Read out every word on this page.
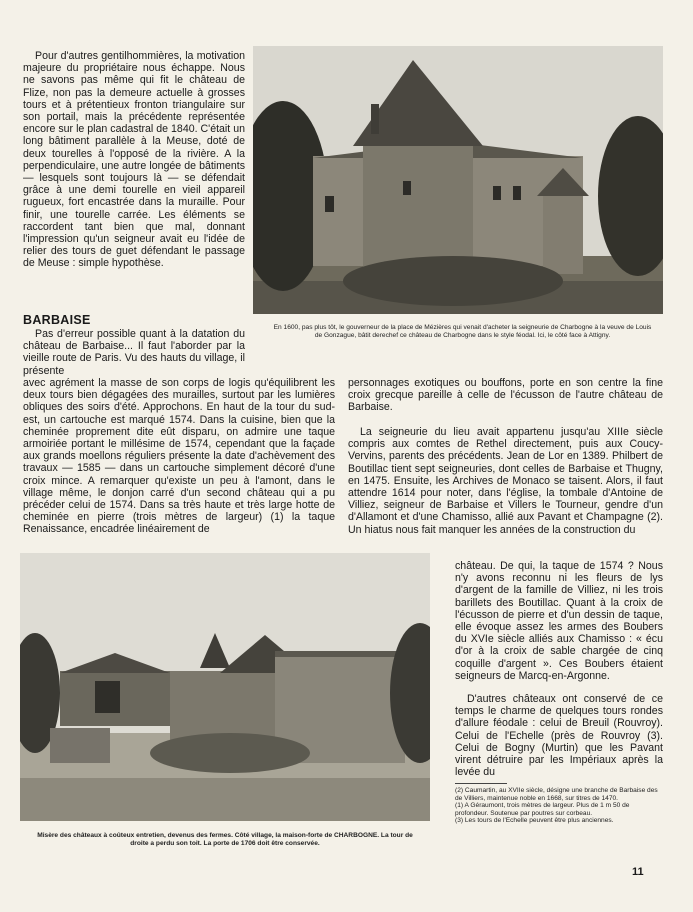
Pour d'autres gentilhommières, la motivation majeure du propriétaire nous échappe. Nous ne savons pas même qui fit le château de Flize, non pas la demeure actuelle à grosses tours et à prétentieux fronton triangulaire sur son portail, mais la précédente représentée encore sur le plan cadastral de 1840. C'était un long bâtiment parallèle à la Meuse, doté de deux tourelles à l'opposé de la rivière. A la perpendiculaire, une autre longée de bâtiments — lesquels sont toujours là — se défendait grâce à une demi tourelle en vieil appareil rugueux, fort encastrée dans la muraille. Pour finir, une tourelle carrée. Les éléments se raccordent tant bien que mal, donnant l'impression qu'un seigneur avait eu l'idée de relier des tours de guet défendant le passage de Meuse : simple hypothèse.
En 1600, pas plus tôt, le gouverneur de la place de Mézières qui venait d'acheter la seigneurie de Charbogne à la veuve de Louis de Gonzague, bâtit derechef ce château de Charbogne dans le style féodal. Ici, le côté face à Attigny.
BARBAISE
Pas d'erreur possible quant à la datation du château de Barbaise... Il faut l'aborder par la vieille route de Paris. Vu des hauts du village, il présente
avec agrément la masse de son corps de logis qu'équilibrent les deux tours bien dégagées des murailles, surtout par les lumières obliques des soirs d'été. Approchons. En haut de la tour du sud-est, un cartouche est marqué 1574. Dans la cuisine, bien que la cheminée proprement dite eût disparu, on admire une taque armoiriée portant le millésime de 1574, cependant que la façade aux grands moellons réguliers présente la date d'achèvement des travaux — 1585 — dans un cartouche simplement décoré d'une croix mince. A remarquer qu'existe un peu à l'amont, dans le village même, le donjon carré d'un second château qui a pu précéder celui de 1574. Dans sa très haute et très large hotte de cheminée en pierre (trois mètres de largeur) (1) la taque Renaissance, encadrée linéairement de
personnages exotiques ou bouffons, porte en son centre la fine croix grecque pareille à celle de l'écusson de l'autre château de Barbaise.
La seigneurie du lieu avait appartenu jusqu'au XIIIe siècle compris aux comtes de Rethel directement, puis aux Coucy-Vervins, parents des précédents. Jean de Lor en 1389. Philbert de Boutillac tient sept seigneuries, dont celles de Barbaise et Thugny, en 1475. Ensuite, les Archives de Monaco se taisent. Alors, il faut attendre 1614 pour noter, dans l'église, la tombale d'Antoine de Villiez, seigneur de Barbaise et Villers le Tourneur, gendre d'un d'Allamont et d'une Chamisso, allié aux Pavant et Champagne (2). Un hiatus nous fait manquer les années de la construction du
château. De qui, la taque de 1574 ? Nous n'y avons reconnu ni les fleurs de lys d'argent de la famille de Villiez, ni les trois barillets des Boutillac. Quant à la croix de l'écusson de pierre et d'un dessin de taque, elle évoque assez les armes des Boubers du XVIe siècle alliés aux Chamisso : « écu d'or à la croix de sable chargée de cinq coquille d'argent ». Ces Boubers étaient seigneurs de Marcq-en-Argonne.
D'autres châteaux ont conservé de ce temps le charme de quelques tours rondes d'allure féodale : celui de Breuil (Rouvroy). Celui de l'Echelle (près de Rouvroy (3). Celui de Bogny (Murtin) que les Pavant virent détruire par les Impériaux après la levée du
Misère des châteaux à coûteux entretien, devenus des fermes. Côté village, la maison-forte de CHARBOGNE. La tour de droite a perdu son toit. La porte de 1706 doit être conservée.

(2) Caumartin, au XVIIe siècle, désigne une branche de Barbaise des de Villiers, maintenue noble en 1668, sur titres de 1470.

(1) A Géraumont, trois mètres de largeur. Plus de 1 m 50 de profondeur. Soutenue par poutres sur corbeau.

(3) Les tours de l'Echelle peuvent être plus anciennes.

11
